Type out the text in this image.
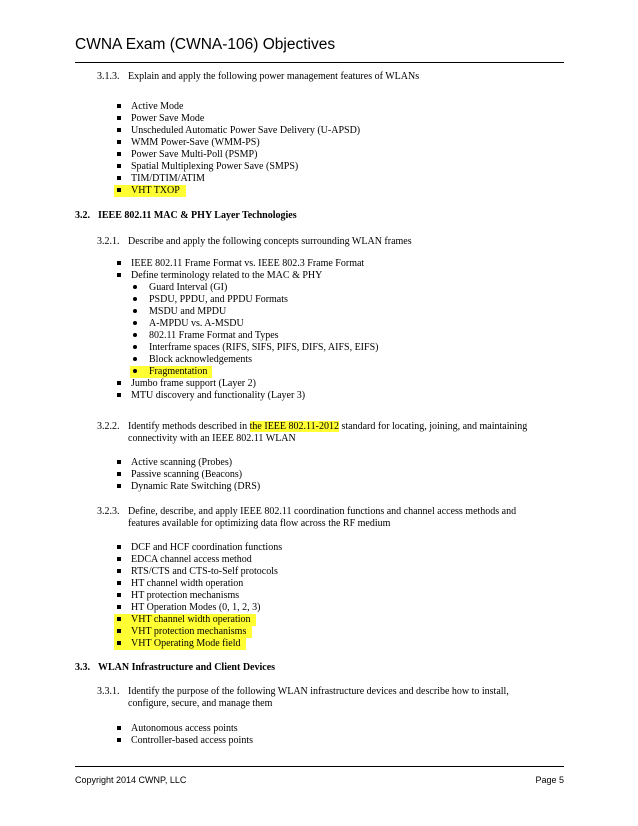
CWNA Exam (CWNA-106) Objectives
3.1.3. Explain and apply the following power management features of WLANs
Active Mode
Power Save Mode
Unscheduled Automatic Power Save Delivery (U-APSD)
WMM Power-Save (WMM-PS)
Power Save Multi-Poll (PSMP)
Spatial Multiplexing Power Save (SMPS)
TIM/DTIM/ATIM
VHT TXOP
3.2. IEEE 802.11 MAC & PHY Layer Technologies
3.2.1. Describe and apply the following concepts surrounding WLAN frames
IEEE 802.11 Frame Format vs. IEEE 802.3 Frame Format
Define terminology related to the MAC & PHY
Guard Interval (GI)
PSDU, PPDU, and PPDU Formats
MSDU and MPDU
A-MPDU vs. A-MSDU
802.11 Frame Format and Types
Interframe spaces (RIFS, SIFS, PIFS, DIFS, AIFS, EIFS)
Block acknowledgements
Fragmentation
Jumbo frame support (Layer 2)
MTU discovery and functionality (Layer 3)
3.2.2. Identify methods described in the IEEE 802.11-2012 standard for locating, joining, and maintaining
connectivity with an IEEE 802.11 WLAN
Active scanning (Probes)
Passive scanning (Beacons)
Dynamic Rate Switching (DRS)
3.2.3. Define, describe, and apply IEEE 802.11 coordination functions and channel access methods and
features available for optimizing data flow across the RF medium
DCF and HCF coordination functions
EDCA channel access method
RTS/CTS and CTS-to-Self protocols
HT channel width operation
HT protection mechanisms
HT Operation Modes (0, 1, 2, 3)
VHT channel width operation
VHT protection mechanisms
VHT Operating Mode field
3.3. WLAN Infrastructure and Client Devices
3.3.1. Identify the purpose of the following WLAN infrastructure devices and describe how to install,
configure, secure, and manage them
Autonomous access points
Controller-based access points
Copyright 2014 CWNP, LLC	Page 5
